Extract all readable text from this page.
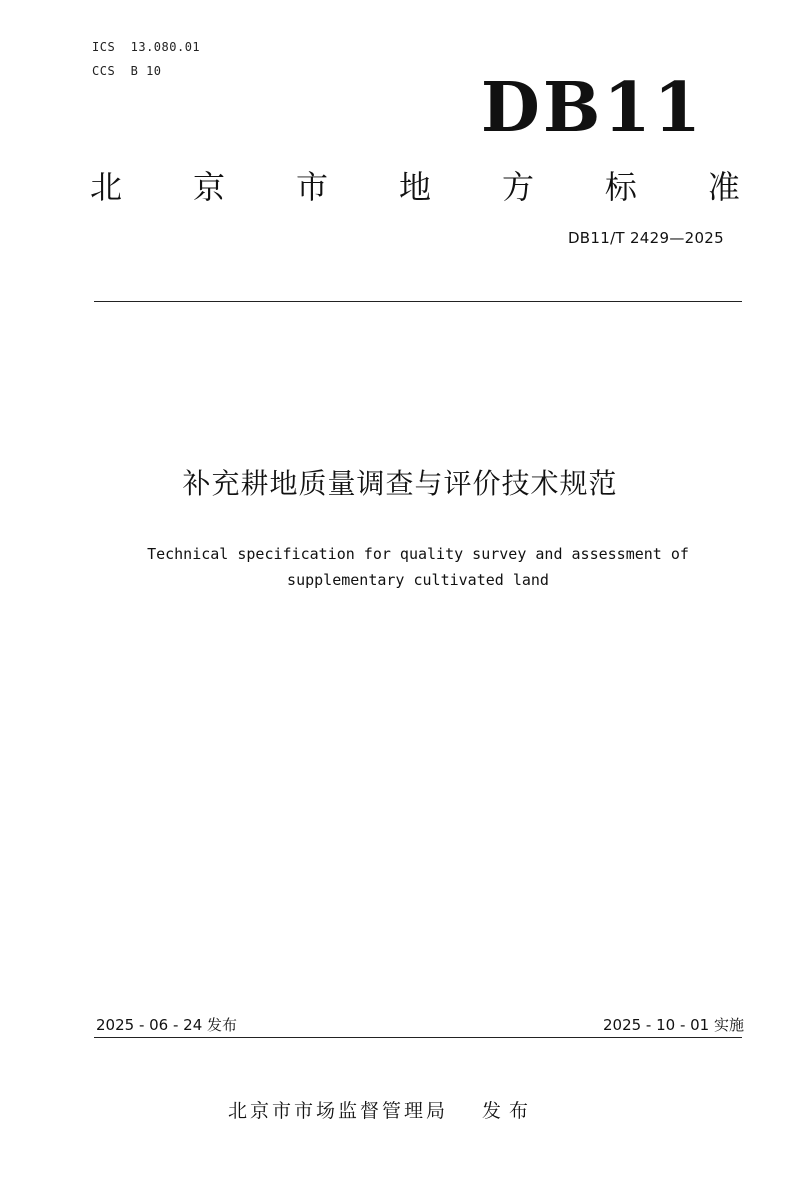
ICS  13.080.01
CCS  B 10	DB11
北 京 市 地 方 标 准
DB11/T 2429—2025
补充耕地质量调查与评价技术规范
Technical specification for quality survey and assessment of
supplementary cultivated land
2025 - 06 - 24 发布	2025 - 10 - 01 实施
北京市市场监督管理局 发布
